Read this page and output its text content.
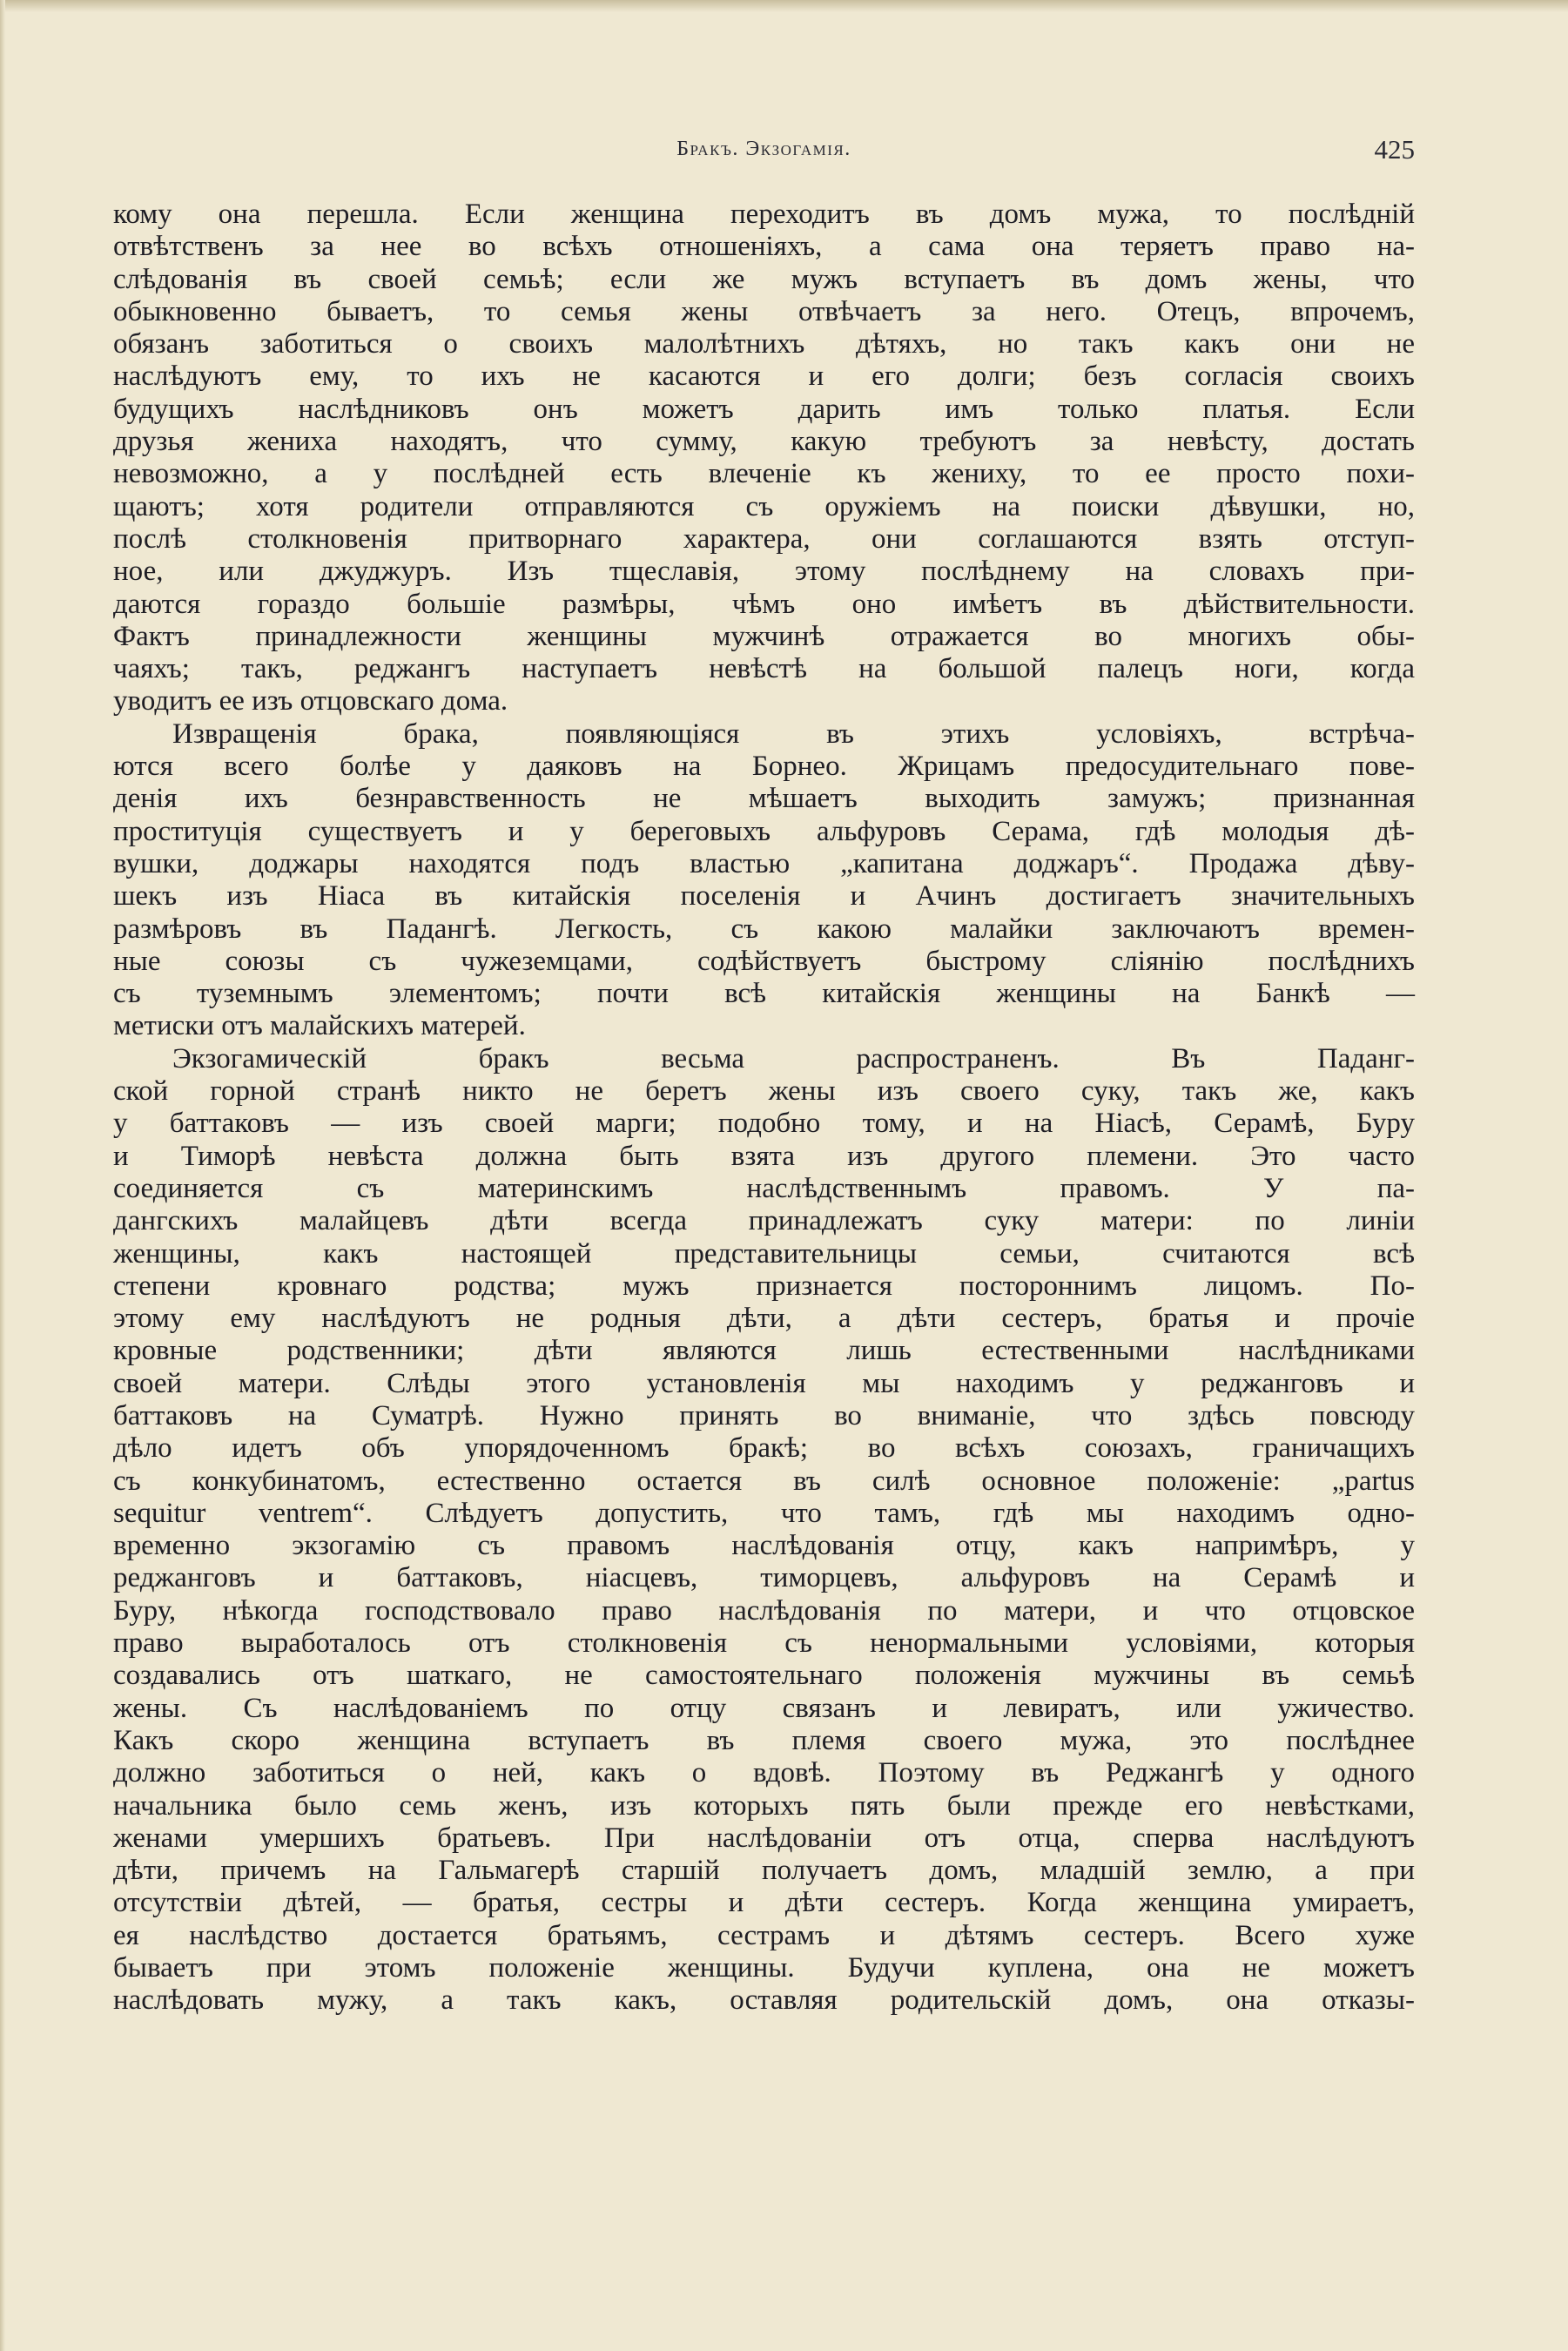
Бракъ. Экзогамія.	425
кому она перешла. Если женщина переходитъ въ домъ мужа, то послѣдній
отвѣтственъ за нее во всѣхъ отношеніяхъ, а сама она теряетъ право на-
слѣдованія въ своей семьѣ; если же мужъ вступаетъ въ домъ жены, что
обыкновенно бываетъ, то семья жены отвѣчаетъ за него. Отецъ, впрочемъ,
обязанъ заботиться о своихъ малолѣтнихъ дѣтяхъ, но такъ какъ они не
наслѣдуютъ ему, то ихъ не касаются и его долги; безъ согласія своихъ
будущихъ наслѣдниковъ онъ можетъ дарить имъ только платья. Если
друзья жениха находятъ, что сумму, какую требуютъ за невѣсту, достать
невозможно, а у послѣдней есть влеченіе къ жениху, то ее просто похи-
щаютъ; хотя родители отправляются съ оружіемъ на поиски дѣвушки, но,
послѣ столкновенія притворнаго характера, они соглашаются взять отступ-
ное, или джуджуръ. Изъ тщеславія, этому послѣднему на словахъ при-
даются гораздо большіе размѣры, чѣмъ оно имѣетъ въ дѣйствительности.
Фактъ принадлежности женщины мужчинѣ отражается во многихъ обы-
чаяхъ; такъ, реджангъ наступаетъ невѣстѣ на большой палецъ ноги, когда
уводитъ ее изъ отцовскаго дома.
Извращенія брака, появляющіяся въ этихъ условіяхъ, встрѣча-
ются всего болѣе у даяковъ на Борнео. Жрицамъ предосудительнаго пове-
денія ихъ безнравственность не мѣшаетъ выходить замужъ; признанная
проституція существуетъ и у береговыхъ альфуровъ Серама, гдѣ молодыя дѣ-
вушки, доджары находятся подъ властью „капитана доджаръ“. Продажа дѣву-
шекъ изъ Ніаса въ китайскія поселенія и Ачинъ достигаетъ значительныхъ
размѣровъ въ Падангѣ. Легкость, съ какою малайки заключаютъ времен-
ные союзы съ чужеземцами, содѣйствуетъ быстрому сліянію послѣднихъ
съ туземнымъ элементомъ; почти всѣ китайскія женщины на Банкѣ —
метиски отъ малайскихъ матерей.
Экзогамическій бракъ весьма распространенъ. Въ Паданг-
ской горной странѣ никто не беретъ жены изъ своего суку, такъ же, какъ
у баттаковъ — изъ своей марги; подобно тому, и на Ніасѣ, Серамѣ, Буру
и Тиморѣ невѣста должна быть взята изъ другого племени. Это часто
соединяется съ материнскимъ наслѣдственнымъ правомъ. У па-
дангскихъ малайцевъ дѣти всегда принадлежатъ суку матери: по линіи
женщины, какъ настоящей представительницы семьи, считаются всѣ
степени кровнаго родства; мужъ признается постороннимъ лицомъ. По-
этому ему наслѣдуютъ не родныя дѣти, а дѣти сестеръ, братья и прочіе
кровные родственники; дѣти являются лишь естественными наслѣдниками
своей матери. Слѣды этого установленія мы находимъ у реджанговъ и
баттаковъ на Суматрѣ. Нужно принять во вниманіе, что здѣсь повсюду
дѣло идетъ объ упорядоченномъ бракѣ; во всѣхъ союзахъ, граничащихъ
съ конкубинатомъ, естественно остается въ силѣ основное положеніе: „partus
sequitur ventrem“. Слѣдуетъ допустить, что тамъ, гдѣ мы находимъ одно-
временно экзогамію съ правомъ наслѣдованія отцу, какъ напримѣръ, у
реджанговъ и баттаковъ, ніасцевъ, тиморцевъ, альфуровъ на Серамѣ и
Буру, нѣкогда господствовало право наслѣдованія по матери, и что отцовское
право выработалось отъ столкновенія съ ненормальными условіями, которыя
создавались отъ шаткаго, не самостоятельнаго положенія мужчины въ семьѣ
жены. Съ наслѣдованіемъ по отцу связанъ и левиратъ, или ужичество.
Какъ скоро женщина вступаетъ въ племя своего мужа, это послѣднее
должно заботиться о ней, какъ о вдовѣ. Поэтому въ Реджангѣ у одного
начальника было семь женъ, изъ которыхъ пять были прежде его невѣстками,
женами умершихъ братьевъ. При наслѣдованіи отъ отца, сперва наслѣдуютъ
дѣти, причемъ на Гальмагерѣ старшій получаетъ домъ, младшій землю, а при
отсутствіи дѣтей, — братья, сестры и дѣти сестеръ. Когда женщина умираетъ,
ея наслѣдство достается братьямъ, сестрамъ и дѣтямъ сестеръ. Всего хуже
бываетъ при этомъ положеніе женщины. Будучи куплена, она не можетъ
наслѣдовать мужу, а такъ какъ, оставляя родительскій домъ, она отказы-
